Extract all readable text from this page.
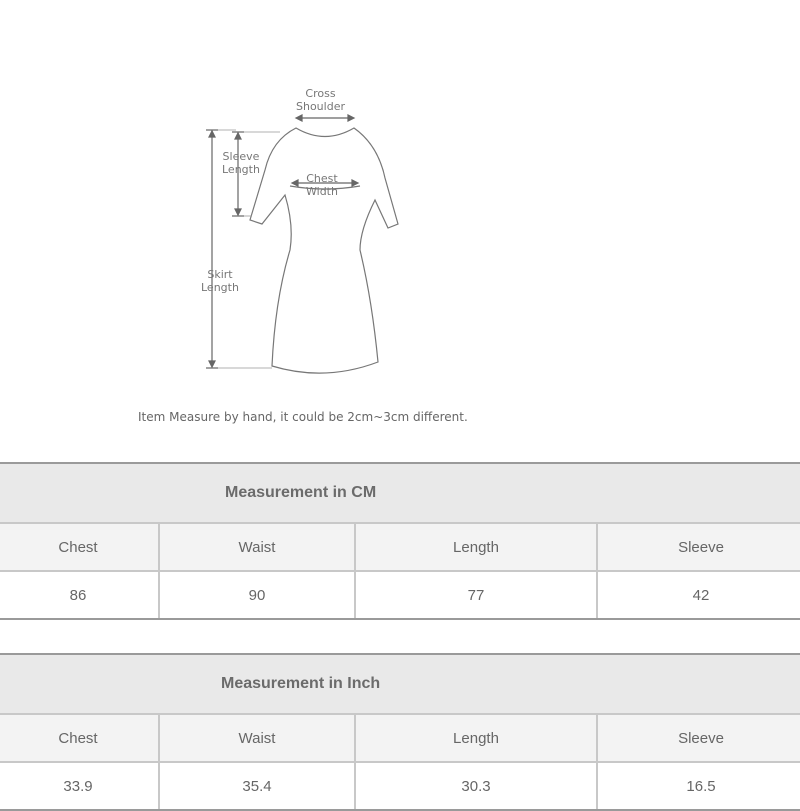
Cross
Shoulder
Sleeve
Length
Chest
Width
Skirt
Length
Item Measure by hand, it could be 2cm~3cm different.
Measurement in CM			
Chest	Waist	Length	Sleeve
86	90	77	42
Measurement in Inch			
Chest	Waist	Length	Sleeve
33.9	35.4	30.3	16.5
